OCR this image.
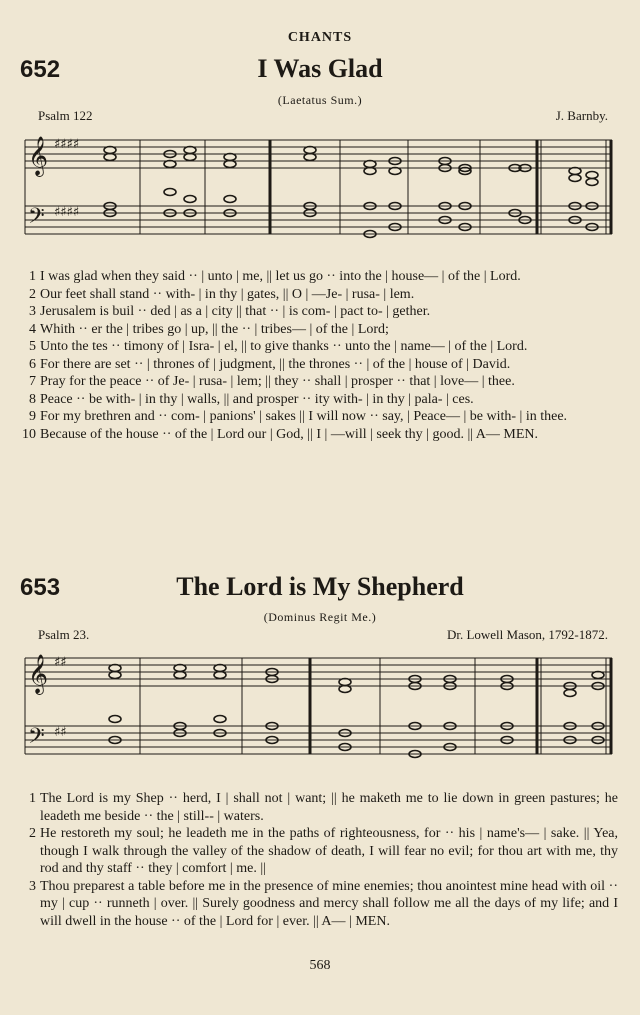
CHANTS
652	I Was Glad
(Laetatus Sum.)
Psalm 122	J. Barnby.
𝄞
𝄢
♯♯♯♯
♯♯♯♯

1 I was glad when they said ·· | unto | me, || let us go ·· into the | house— | of the | Lord.

2 Our feet shall stand ·· with- | in thy | gates, || O | —Je- | rusa- | lem.

3 Jerusalem is buil ·· ded | as a | city || that ·· | is com- | pact to- | gether.

4 Whith ·· er the | tribes go | up, || the ·· | tribes— | of the | Lord;

5 Unto the tes ·· timony of | Isra- | el, || to give thanks ·· unto the | name— | of the | Lord.

6 For there are set ·· | thrones of | judgment, || the thrones ·· | of the | house of | David.

7 Pray for the peace ·· of Je- | rusa- | lem; || they ·· shall | prosper ·· that | love— | thee.

8 Peace ·· be with- | in thy | walls, || and prosper ·· ity with- | in thy | pala- | ces.

9 For my brethren and ·· com- | panions' | sakes || I will now ·· say, | Peace— | be with- | in thee.

10 Because of the house ·· of the | Lord our | God, || I | —will | seek thy | good. || A— MEN.

653	The Lord is My Shepherd
(Dominus Regit Me.)
Psalm 23.	Dr. Lowell Mason, 1792-1872.
𝄞
𝄢
♯♯
♯♯

1 The Lord is my Shep ·· herd, I | shall not | want; || he maketh me to lie down in green pastures; he leadeth me beside ·· the | still-- | waters.

2 He restoreth my soul; he leadeth me in the paths of righteousness, for ·· his | name's— | sake. || Yea, though I walk through the valley of the shadow of death, I will fear no evil; for thou art with me, thy rod and thy staff ·· they | comfort | me. ||

3 Thou preparest a table before me in the presence of mine enemies; thou anointest mine head with oil ·· my | cup ·· runneth | over. || Surely goodness and mercy shall follow me all the days of my life; and I will dwell in the house ·· of the | Lord for | ever. || A— | MEN.

568
